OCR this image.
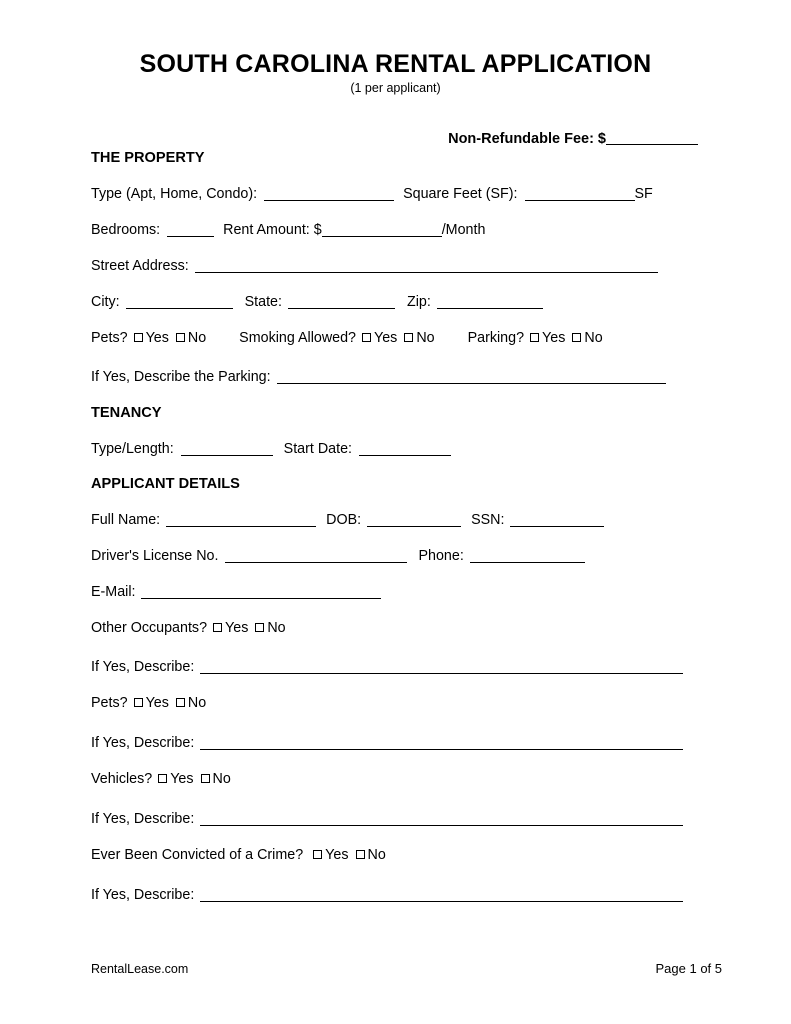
SOUTH CAROLINA RENTAL APPLICATION
(1 per applicant)
Non-Refundable Fee: $
THE PROPERTY
Type (Apt, Home, Condo):	Square Feet (SF):	SF
Bedrooms:	Rent Amount: $	/Month
Street Address:
City:	State:	Zip:
Pets? Yes No Smoking Allowed? Yes No Parking? Yes No
If Yes, Describe the Parking:
TENANCY
Type/Length:	Start Date:
APPLICANT DETAILS
Full Name:	DOB:	SSN:
Driver's License No.	Phone:
E-Mail:
Other Occupants? Yes No
If Yes, Describe:
Pets? Yes No
If Yes, Describe:
Vehicles? Yes No
If Yes, Describe:
Ever Been Convicted of a Crime? Yes No
If Yes, Describe:
RentalLease.com	Page 1 of 5
